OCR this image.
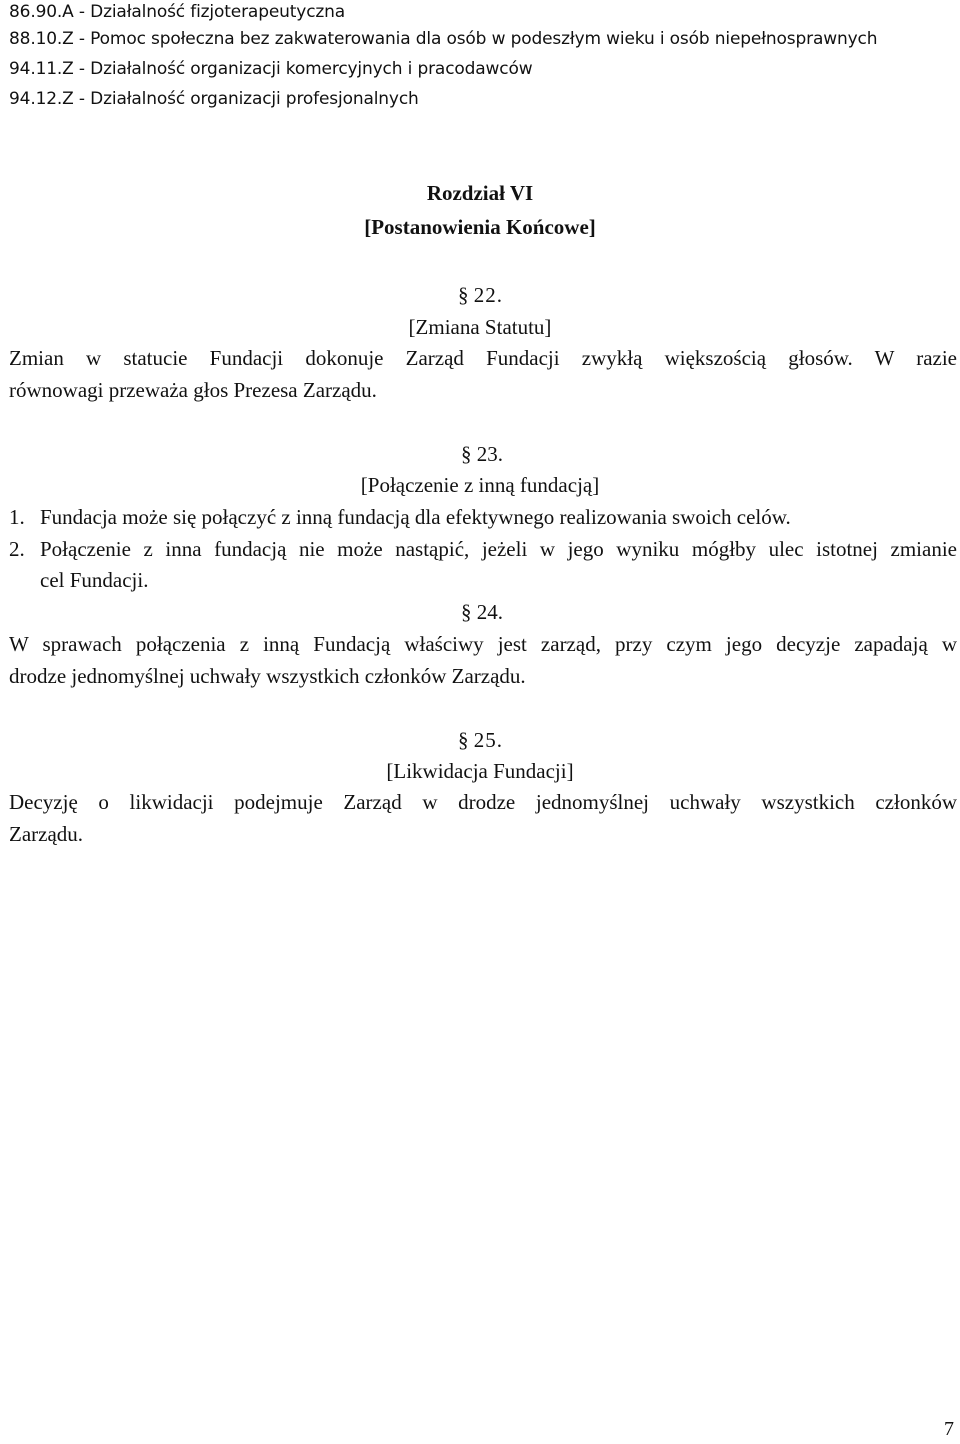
86.90.A - Działalność fizjoterapeutyczna
88.10.Z - Pomoc społeczna bez zakwaterowania dla osób w podeszłym wieku i osób niepełnosprawnych
94.11.Z - Działalność organizacji komercyjnych i pracodawców
94.12.Z - Działalność organizacji profesjonalnych
Rozdział VI
[Postanowienia Końcowe]
§ 22.
[Zmiana Statutu]
Zmian w statucie Fundacji dokonuje Zarząd Fundacji zwykłą większością głosów. W razie
równowagi przeważa głos Prezesa Zarządu.
§ 23.
[Połączenie z inną fundacją]
1. Fundacja może się połączyć z inną fundacją dla efektywnego realizowania swoich celów.
2. Połączenie z inna fundacją nie może nastąpić, jeżeli w jego wyniku mógłby ulec istotnej zmianie
cel Fundacji.
§ 24.
W sprawach połączenia z inną Fundacją właściwy jest zarząd, przy czym jego decyzje zapadają w
drodze jednomyślnej uchwały wszystkich członków Zarządu.
§ 25.
[Likwidacja Fundacji]
Decyzję o likwidacji podejmuje Zarząd w drodze jednomyślnej uchwały wszystkich członków
Zarządu.
7
